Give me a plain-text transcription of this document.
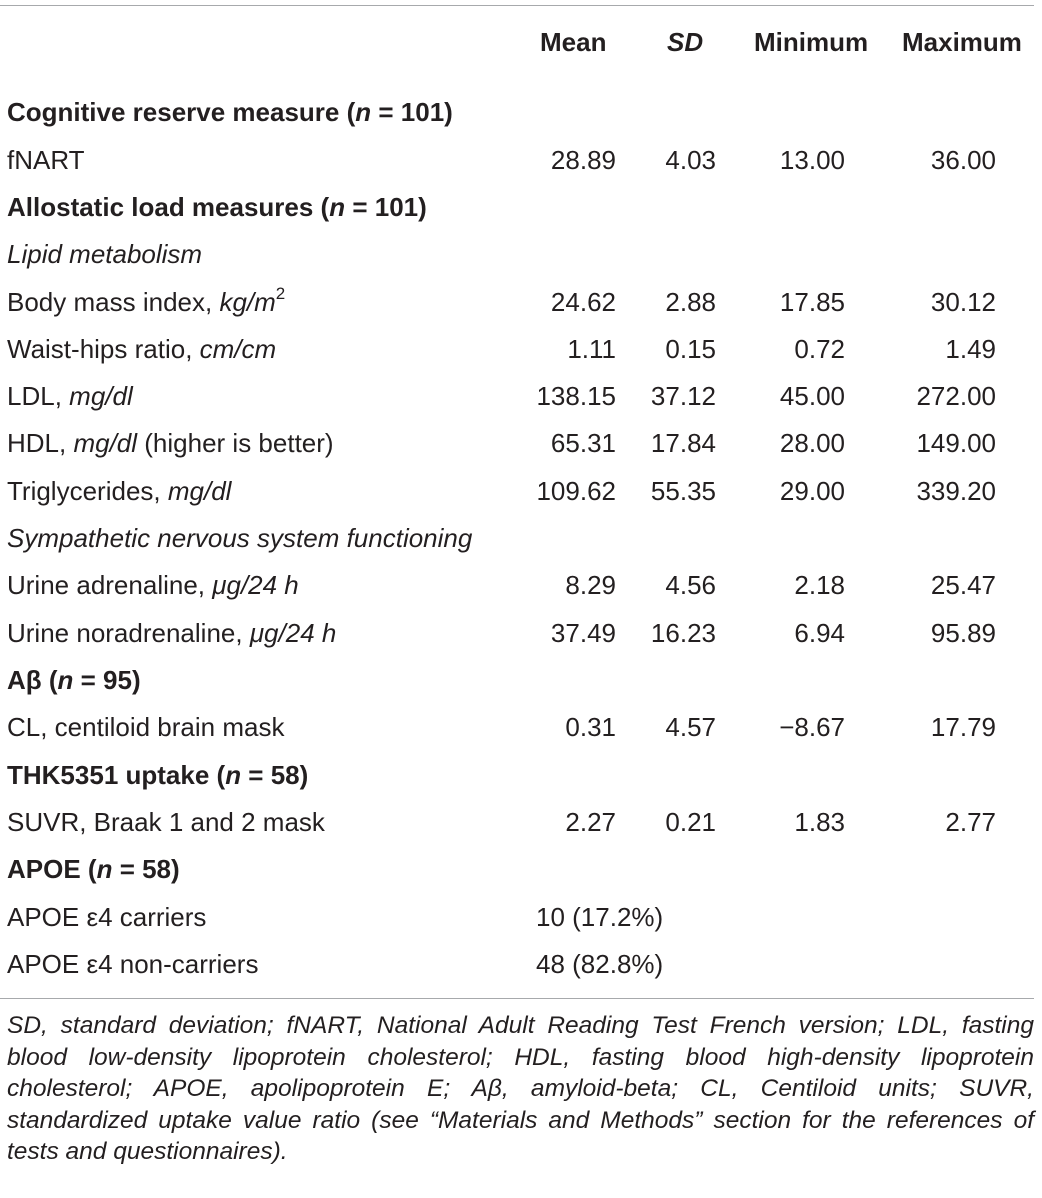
Mean SD Minimum Maximum
Cognitive reserve measure (n = 101)
fNART	28.89 4.03 13.00	36.00
Allostatic load measures (n = 101)
Lipid metabolism
Body mass index, $kg/m^2$	24.62 2.88 17.85	30.12
Waist-hips ratio, cm/cm	1.11 0.15	0.72	1.49
LDL, mg/dl	138.15 37.12 45.00	272.00
HDL, mg/dl (higher is better)	65.31 17.84 28.00	149.00
Triglycerides, mg/dl	109.62 55.35 29.00	339.20
Sympathetic nervous system functioning
Urine adrenaline, μg/24 h	8.29 4.56	2.18	25.47
Urine noradrenaline, μg/24 h	37.49 16.23	6.94	95.89
Aβ (n = 95)
CL, centiloid brain mask	0.31 4.57 −8.67	17.79
THK5351 uptake (n = 58)
SUVR, Braak 1 and 2 mask	2.27 0.21	1.83	2.77
APOE (n = 58)
APOE ε4 carriers	10 (17.2%)
APOE ε4 non-carriers	48 (82.8%)
SD, standard deviation; fNART, National Adult Reading Test French version; LDL, fasting blood low-density lipoprotein cholesterol; HDL, fasting blood high-density lipoprotein cholesterol; APOE, apolipoprotein E; Aβ, amyloid-beta; CL, Centiloid units; SUVR, standardized uptake value ratio (see “Materials and Methods” section for the references of tests and questionnaires).
